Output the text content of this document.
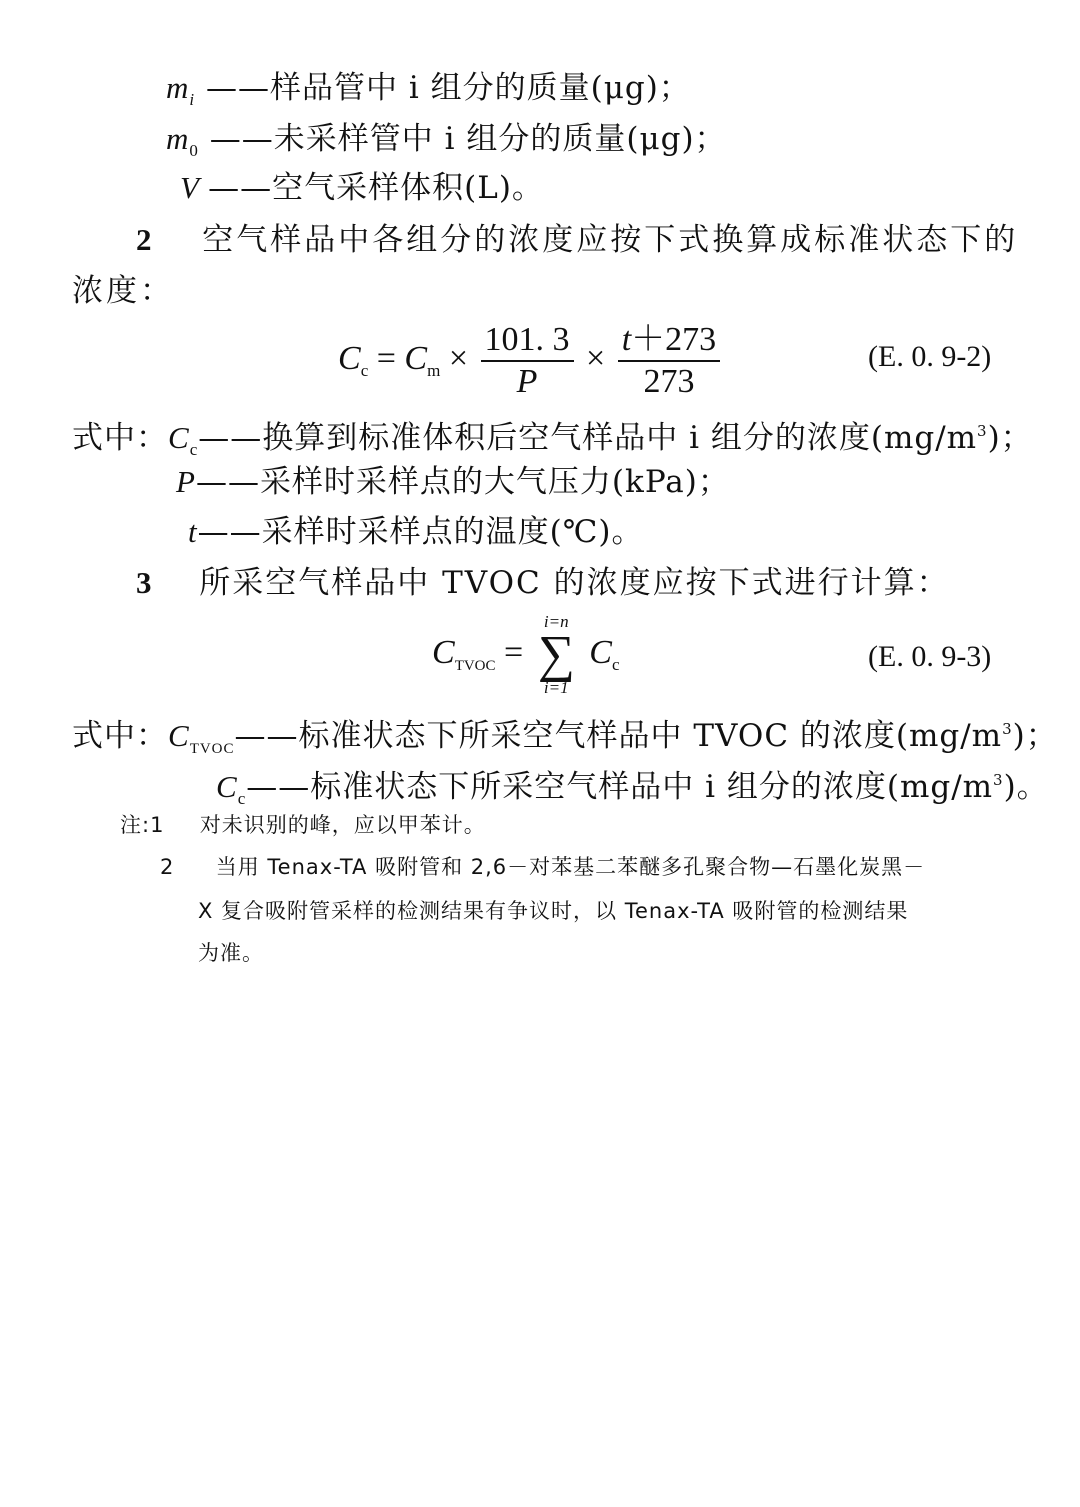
$m_i$ ——样品管中 i 组分的质量(μg)；
$m_0$ ——未采样管中 i 组分的质量(μg)；
V ——空气采样体积(L)。
2 空气样品中各组分的浓度应按下式换算成标准状态下的
浓度：
$C_c = C_m \times \frac{101. 3}{P} \times \frac{t+273}{273}$	(E. 0. 9-2)
式中：$C_c——$换算到标准体积后空气样品中 i 组分的浓度$(mg/m^3)$；
P——采样时采样点的大气压力(kPa)；
t——采样时采样点的温度(℃)。
3 所采空气样品中 TVOC 的浓度应按下式进行计算：
$C_{TVOC}$ =
i=n
∑
i=1
$C_c$	(E. 0. 9-3)
式中：$C_{TVOC}——$标准状态下所采空气样品中 TVOC 的浓度$(mg/m^3)$；
$C_c——$标准状态下所采空气样品中 i 组分的浓度$(mg/m^3)$。
注:1 对未识别的峰，应以甲苯计。
2 当用 Tenax-TA 吸附管和 2,6－对苯基二苯醚多孔聚合物—石墨化炭黑－
X 复合吸附管采样的检测结果有争议时，以 Tenax-TA 吸附管的检测结果
为准。
